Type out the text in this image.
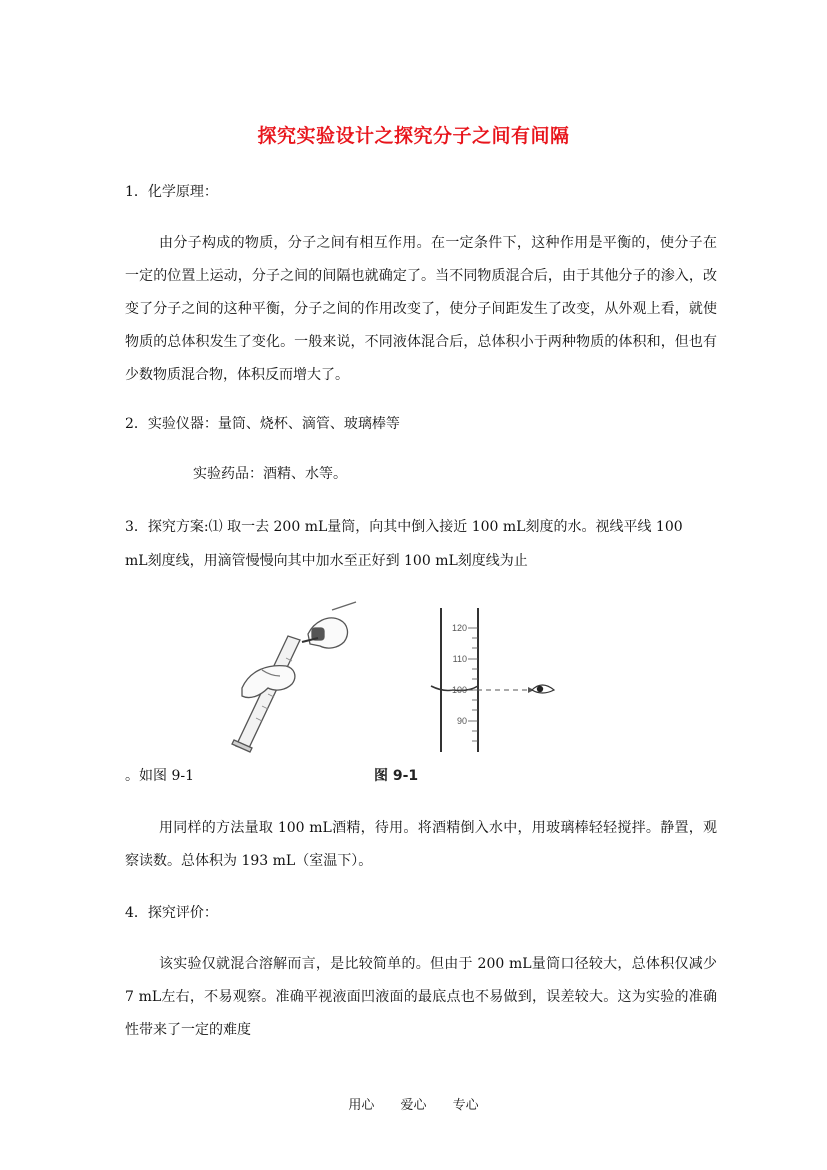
探究实验设计之探究分子之间有间隔
1．化学原理：
由分子构成的物质，分子之间有相互作用。在一定条件下，这种作用是平衡的，使分子在一定的位置上运动，分子之间的间隔也就确定了。当不同物质混合后，由于其他分子的渗入，改变了分子之间的这种平衡，分子之间的作用改变了，使分子间距发生了改变，从外观上看，就使物质的总体积发生了变化。一般来说，不同液体混合后，总体积小于两种物质的体积和，但也有少数物质混合物，体积反而增大了。
2．实验仪器：量筒、烧杯、滴管、玻璃棒等
实验药品：酒精、水等。
3．探究方案:⑴ 取一去 200 mL量筒，向其中倒入接近 100 mL刻度的水。视线平线 100
mL刻度线，用滴管慢慢向其中加水至正好到 100 mL刻度线为止
120
110
100
90
。如图 9-1	图 9-1
用同样的方法量取 100 mL酒精，待用。将酒精倒入水中，用玻璃棒轻轻搅拌。静置，观察读数。总体积为 193 mL（室温下）。
4．探究评价：
该实验仅就混合溶解而言，是比较简单的。但由于 200 mL量筒口径较大，总体积仅减少 7 mL左右，不易观察。准确平视液面凹液面的最底点也不易做到，误差较大。这为实验的准确性带来了一定的难度
用心 爱心 专心
